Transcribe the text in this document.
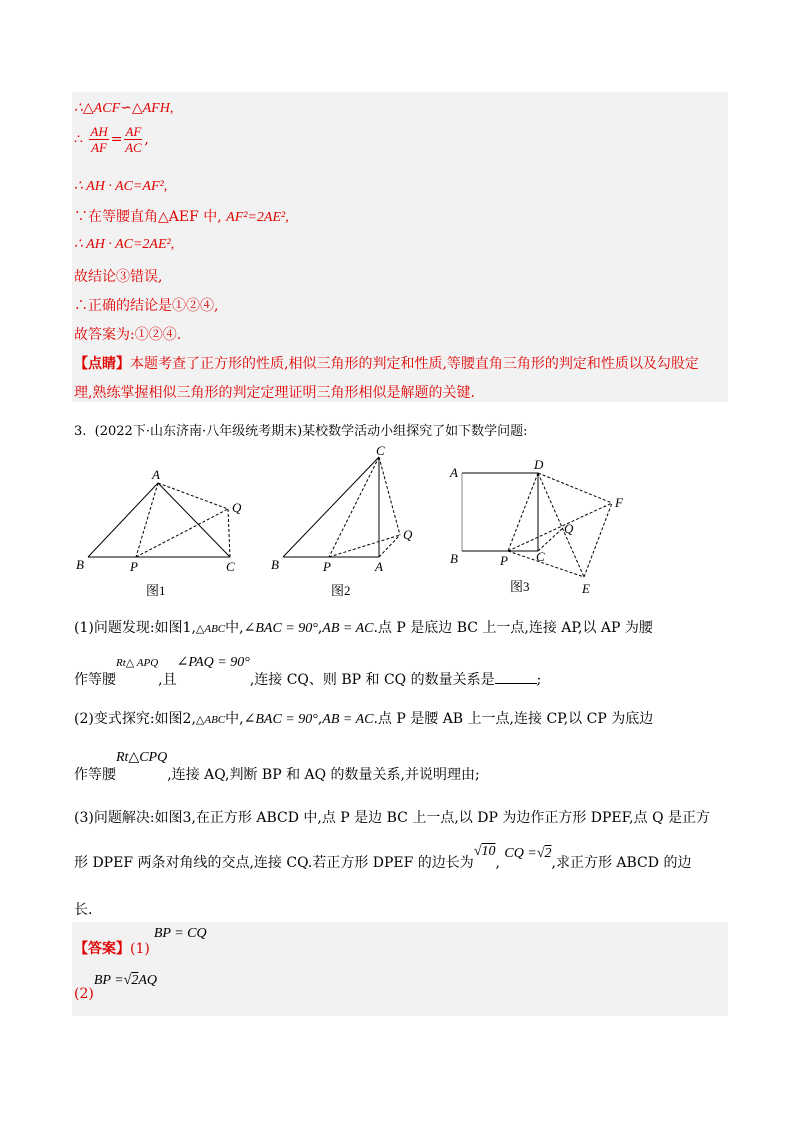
∴△ACF∽△AFH,
∴ $\frac{AH}{AF} = \frac{AF}{AC}$ ,
∴ AH · AC=AF²,
∵在等腰直角△AEF 中, AF²=2AE²,
∴ AH · AC=2AE²,
故结论③错误,
∴正确的结论是①②④,
故答案为:①②④.
【点睛】本题考查了正方形的性质,相似三角形的判定和性质,等腰直角三角形的判定和性质以及勾股定
理,熟练掌握相似三角形的判定定理证明三角形相似是解题的关键.
3. (2022下·山东济南·八年级统考期末)某校数学活动小组探究了如下数学问题:
A
Q
B	P	C
图1
C
Q
B	P	A
图2
A
D
F
Q
B	P C
E
图3
(1)问题发现:如图1,△ABC中,∠BAC = 90°,AB = AC.点 P 是底边 BC 上一点,连接 AP,以 AP 为腰
作等腰$^{Rt\triangle APQ}$,且∠PAQ = 90°,连接 CQ、则 BP 和 CQ 的数量关系是	;
(2)变式探究:如图2,△ABC中,∠BAC = 90°,AB = AC.点 P 是腰 AB 上一点,连接 CP,以 CP 为底边
作等腰Rt△CPQ,连接 AQ,判断 BP 和 AQ 的数量关系,并说明理由;
(3)问题解决:如图3,在正方形 ABCD 中,点 P 是边 BC 上一点,以 DP 为边作正方形 DPEF,点 Q 是正方
形 DPEF 两条对角线的交点,连接 CQ.若正方形 DPEF 的边长为√10, CQ =√2,求正方形 ABCD 的边
长.
【答案】(1)BP = CQ
(2)BP =√2AQ
